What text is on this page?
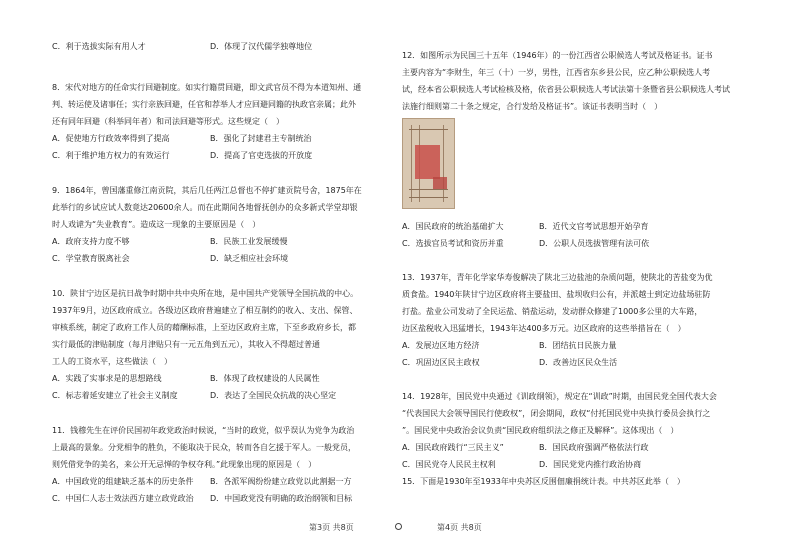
C．利于选拔实际有用人才	D．体现了汉代儒学独尊地位
8．宋代对地方的任命实行回避制度。如实行籍贯回避，即文武官员不得为本道知州、通
判、转运使及诸事任；实行亲族回避，任官和荐举人才应回避同籍的执政官亲属；此外
还有同年回避（科举同年者）和司法回避等形式。这些规定（　）
A．促使地方行政效率得到了提高	B．强化了封建君主专制统治
C．利于维护地方权力的有效运行	D．提高了官吏选拔的开放度
9．1864年，曾国藩重修江南贡院，其后几任两江总督也不停扩建贡院号舍，1875年在
此举行的乡试应试人数竟达20600余人。而在此期间各地督抚创办的众多新式学堂却银
时人戏谑为“失业教育”。造成这一现象的主要原因是（　）
A．政府支持力度不够	B．民族工业发展缓慢
C．学堂教育脱离社会	D．缺乏相应社会环境
10．陕甘宁边区是抗日战争时期中共中央所在地，是中国共产党领导全国抗战的中心。
1937年9月，边区政府成立。各级边区政府普遍建立了相互制约的收入、支出、保管、
审核系统，制定了政府工作人员的藉酬标准，上至边区政府主席，下至乡政府乡长，都
实行最低的津贴制度（每月津贴只有一元五角到五元），其收入不得超过普通
工人的工资水平，这些做法（　）
A．实践了实事求是的思想路线	B．体现了政权建设的人民属性
C．标志着延安建立了社会主义制度	D．表达了全国民众抗战的决心坚定
11．钱穆先生在评价民国初年政党政治时候说，“当时的政党，似乎误认为党争为政治
上最高的景象。分党相争的胜负，不能取决于民众，转而各自乞援于军人。一般党员，
则凭借党争的美名，来公开无忌惮的争权夺利。”此现象出现的原因是（　）
A．中国政党的组建缺乏基本的历史条件 B．各派军阀纷纷建立政党以此割据一方
C．中国仁人志士效法西方建立政党政治 D．中国政党没有明确的政治纲领和目标
12．如图所示为民国三十五年（1946年）的一份江西省公职候选人考试及格证书。证书
主要内容为“李财生，年三（十）一岁，男性，江西省东乡县公民，应乙种公职候选人考
试，经本省公职候选人考试检核及格，依省县公职候选人考试法第十条暨省县公职候选人考试
法施行细则第二十条之规定，合行发给及格证书”。该证书表明当时（　）
A．国民政府的统治基础扩大	B．近代文官考试思想开始孕育
C．选拔官员考试和资历并重	D．公职人员选拔管理有法可依
13．1937年，青年化学家华寿俊解决了陕北三边盐池的杂质问题，使陕北的苦盐变为优
质食盐。1940年陕甘宁边区政府将主要盐田、盐坝收归公有，并派越士到定边盐场驻防
打盐。盐业公司发动了全民运盐、销盐运动，发动群众修建了1000多公里的大车路，
边区盐税收入迅猛增长，1943年达400多万元。边区政府的这些举措旨在（　）
A．发展边区地方经济	B．团结抗日民族力量
C．巩固边区民主政权	D．改善边区民众生活
14．1928年，国民党中央通过《训政纲领》，规定在“训政”时期，由国民党全国代表大会
“代表国民大会领导国民行使政权”，闭会期间，政权“付托国民党中央执行委员会执行之
”。国民党中央政治会议负责“国民政府组织法之修正及解释”。这体现出（　）
A．国民政府践行“三民主义”	B．国民政府强调严格依法行政
C．国民党夺人民民主权利	D．国民党党内推行政治协商
15．下面是1930年至1933年中央苏区反围佃廉捐统计表。中共苏区此举（　）
第3页 共8页	第4页 共8页
